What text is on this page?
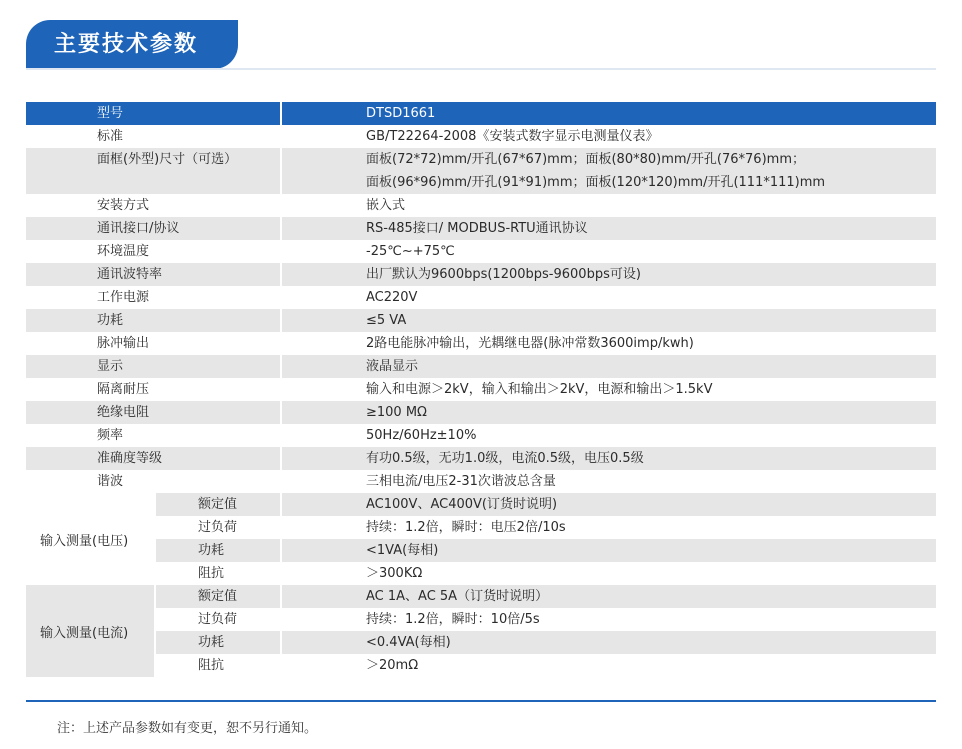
主要技术参数
型号	DTSD1661
标准	GB/T22264-2008《安装式数字显示电测量仪表》
面框(外型)尺寸（可选）	面板(72*72)mm/开孔(67*67)mm；面板(80*80)mm/开孔(76*76)mm；
面板(96*96)mm/开孔(91*91)mm；面板(120*120)mm/开孔(111*111)mm
安装方式	嵌入式
通讯接口/协议	RS-485接口/ MODBUS-RTU通讯协议
环境温度	-25℃~+75℃
通讯波特率	出厂默认为9600bps(1200bps-9600bps可设)
工作电源	AC220V
功耗	≤5 VA
脉冲输出	2路电能脉冲输出，光耦继电器(脉冲常数3600imp/kwh)
显示	液晶显示
隔离耐压	输入和电源＞2kV，输入和输出＞2kV，电源和输出＞1.5kV
绝缘电阻	≥100 MΩ
频率	50Hz/60Hz±10%
准确度等级	有功0.5级，无功1.0级，电流0.5级，电压0.5级
谐波	三相电流/电压2-31次谐波总含量
输入测量(电压)
额定值	AC100V、AC400V(订货时说明)
过负荷	持续：1.2倍，瞬时：电压2倍/10s
功耗	<1VA(每相)
阻抗	＞300KΩ
输入测量(电流)
额定值	AC 1A、AC 5A（订货时说明）
过负荷	持续：1.2倍，瞬时：10倍/5s
功耗	<0.4VA(每相)
阻抗	＞20mΩ
注：上述产品参数如有变更，恕不另行通知。
